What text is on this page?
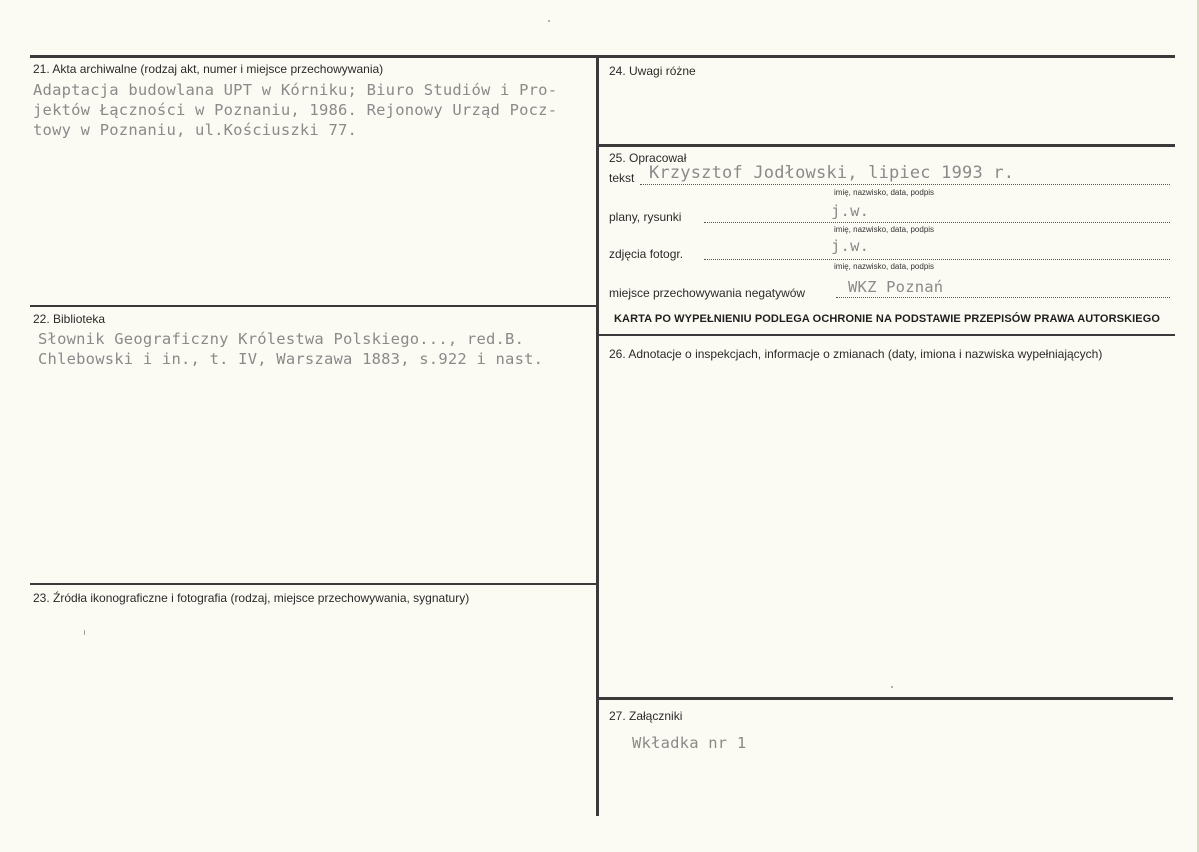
21. Akta archiwalne (rodzaj akt, numer i miejsce przechowywania)
Adaptacja budowlana UPT w Kórniku; Biuro Studiów i Pro-
jektów Łączności w Poznaniu, 1986. Rejonowy Urząd Pocz-
towy w Poznaniu, ul.Kościuszki 77.
22. Biblioteka
Słownik Geograficzny Królestwa Polskiego..., red.B.
Chlebowski i in., t. IV, Warszawa 1883, s.922 i nast.
23. Źródła ikonograficzne i fotografia (rodzaj, miejsce przechowywania, sygnatury)
24. Uwagi różne
25. Opracował
tekst Krzysztof Jodłowski, lipiec 1993 r.
imię, nazwisko, data, podpis
plany, rysunki	j.w.
imię, nazwisko, data, podpis
zdjęcia fotogr.	j.w.
imię, nazwisko, data, podpis
miejsce przechowywania negatywów	WKZ Poznań
KARTA PO WYPEŁNIENIU PODLEGA OCHRONIE NA PODSTAWIE PRZEPISÓW PRAWA AUTORSKIEGO
26. Adnotacje o inspekcjach, informacje o zmianach (daty, imiona i nazwiska wypełniających)
27. Załączniki
Wkładka nr 1
